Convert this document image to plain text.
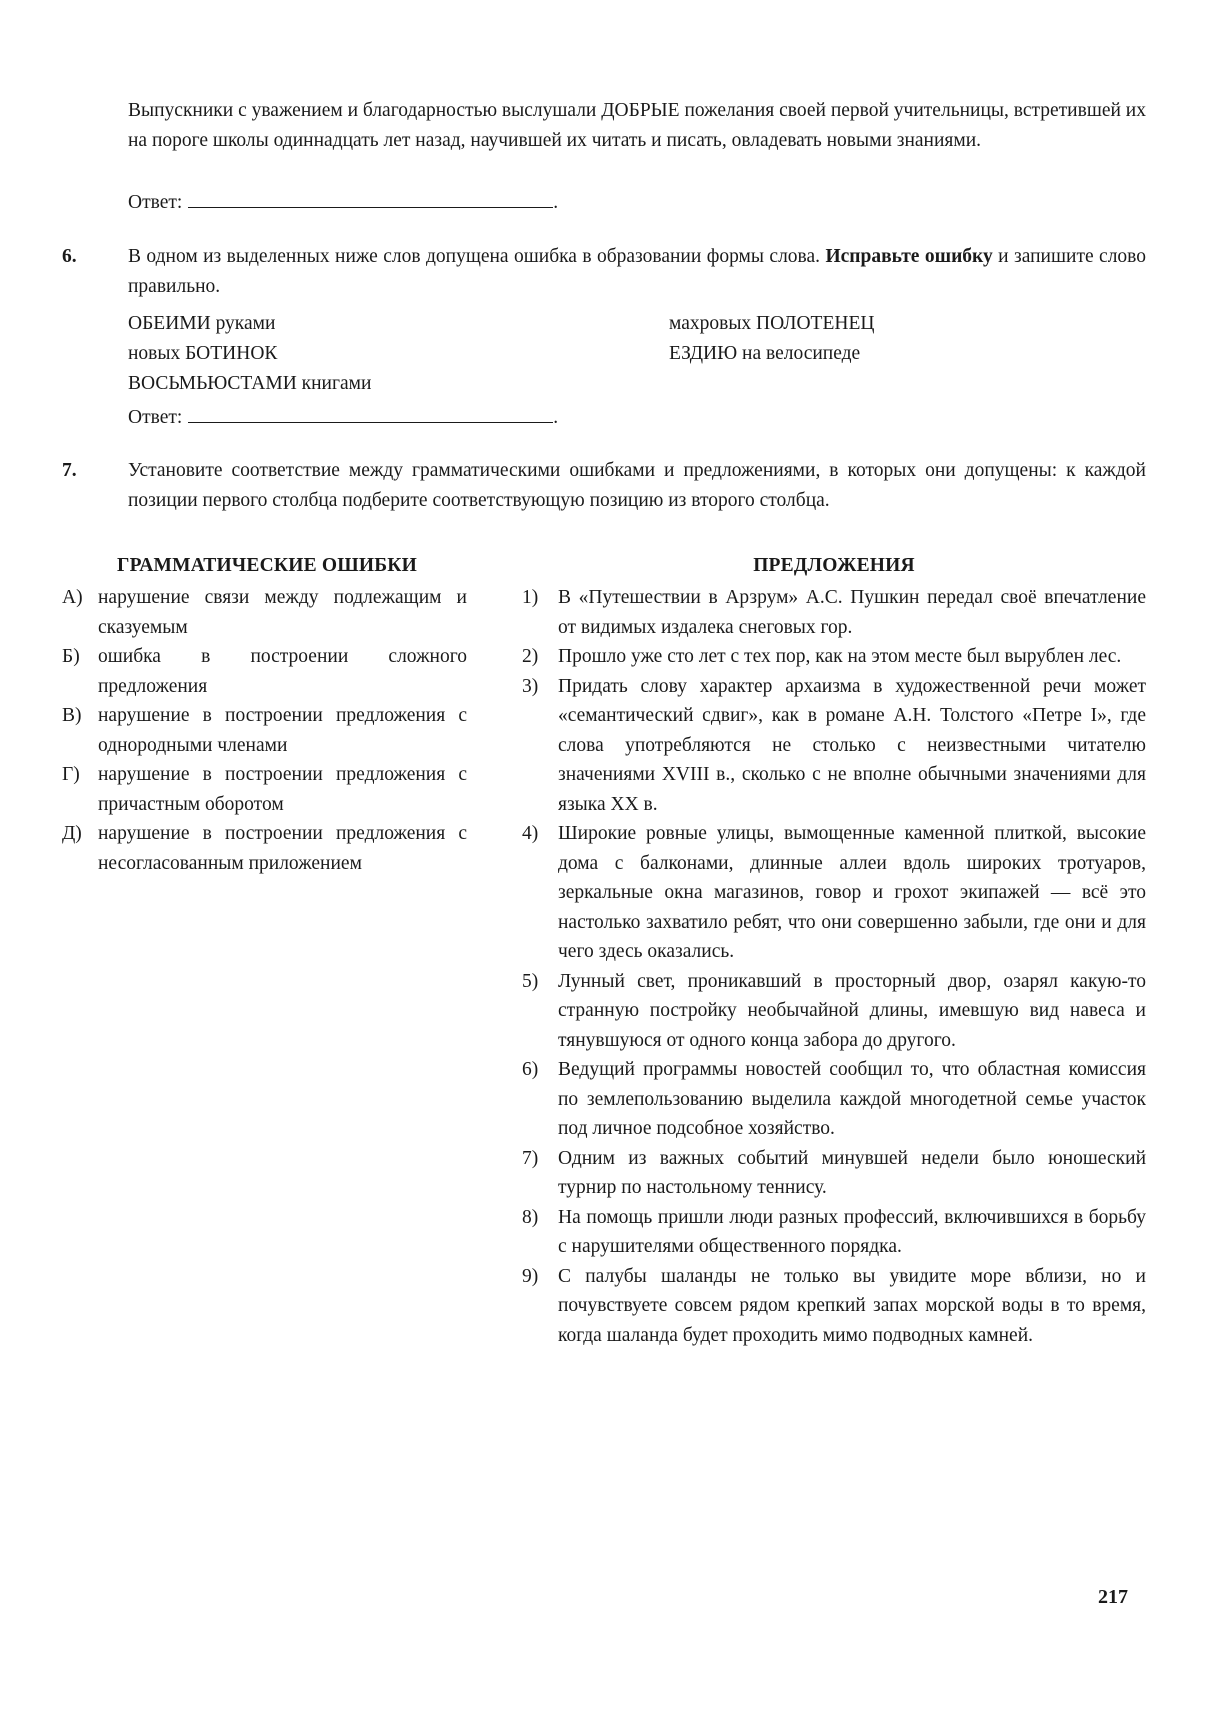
Выпускники с уважением и благодарностью выслушали ДОБРЫЕ пожелания своей первой учительницы, встретившей их на пороге школы одиннадцать лет назад, научившей их читать и писать, овладевать новыми знаниями.

Ответ:	.
6.	В одном из выделенных ниже слов допущена ошибка в образовании формы слова. Исправьте ошибку и запишите слово правильно.

ОБЕИМИ руками
новых БОТИНОК
ВОСЬМЬЮСТАМИ книгами
махровых ПОЛОТЕНЕЦ
ЕЗДИЮ на велосипеде
Ответ:	.
7.	Установите соответствие между грамматическими ошибками и предложениями, в которых они допущены: к каждой позиции первого столбца подберите соответствующую позицию из второго столбца.

ГРАММАТИЧЕСКИЕ ОШИБКИ	ПРЕДЛОЖЕНИЯ
А) нарушение связи между подлежащим и сказуемым
Б) ошибка в построении сложного предложения
В) нарушение в построении предложения с однородными членами
Г) нарушение в построении предложения с причастным оборотом
Д) нарушение в построении предложения с несогласованным приложением
1)	В «Путешествии в Арзрум» А.С. Пушкин передал своё впечатление от видимых издалека снеговых гор.
2)	Прошло уже сто лет с тех пор, как на этом месте был вырублен лес.
3)	Придать слову характер архаизма в художественной речи может «семантический сдвиг», как в романе А.Н. Толстого «Петре I», где слова употребляются не столько с неизвестными читателю значениями XVIII в., сколько с не вполне обычными значениями для языка XX в.
4)	Широкие ровные улицы, вымощенные каменной плиткой, высокие дома с балконами, длинные аллеи вдоль широких тротуаров, зеркальные окна магазинов, говор и грохот экипажей — всё это настолько захватило ребят, что они совершенно забыли, где они и для чего здесь оказались.
5)	Лунный свет, проникавший в просторный двор, озарял какую-то странную постройку необычайной длины, имевшую вид навеса и тянувшуюся от одного конца забора до другого.
6)	Ведущий программы новостей сообщил то, что областная комиссия по землепользованию выделила каждой многодетной семье участок под личное подсобное хозяйство.
7)	Одним из важных событий минувшей недели было юношеский турнир по настольному теннису.
8)	На помощь пришли люди разных профессий, включившихся в борьбу с нарушителями общественного порядка.
9)	С палубы шаланды не только вы увидите море вблизи, но и почувствуете совсем рядом крепкий запах морской воды в то время, когда шаланда будет проходить мимо подводных камней.
217
